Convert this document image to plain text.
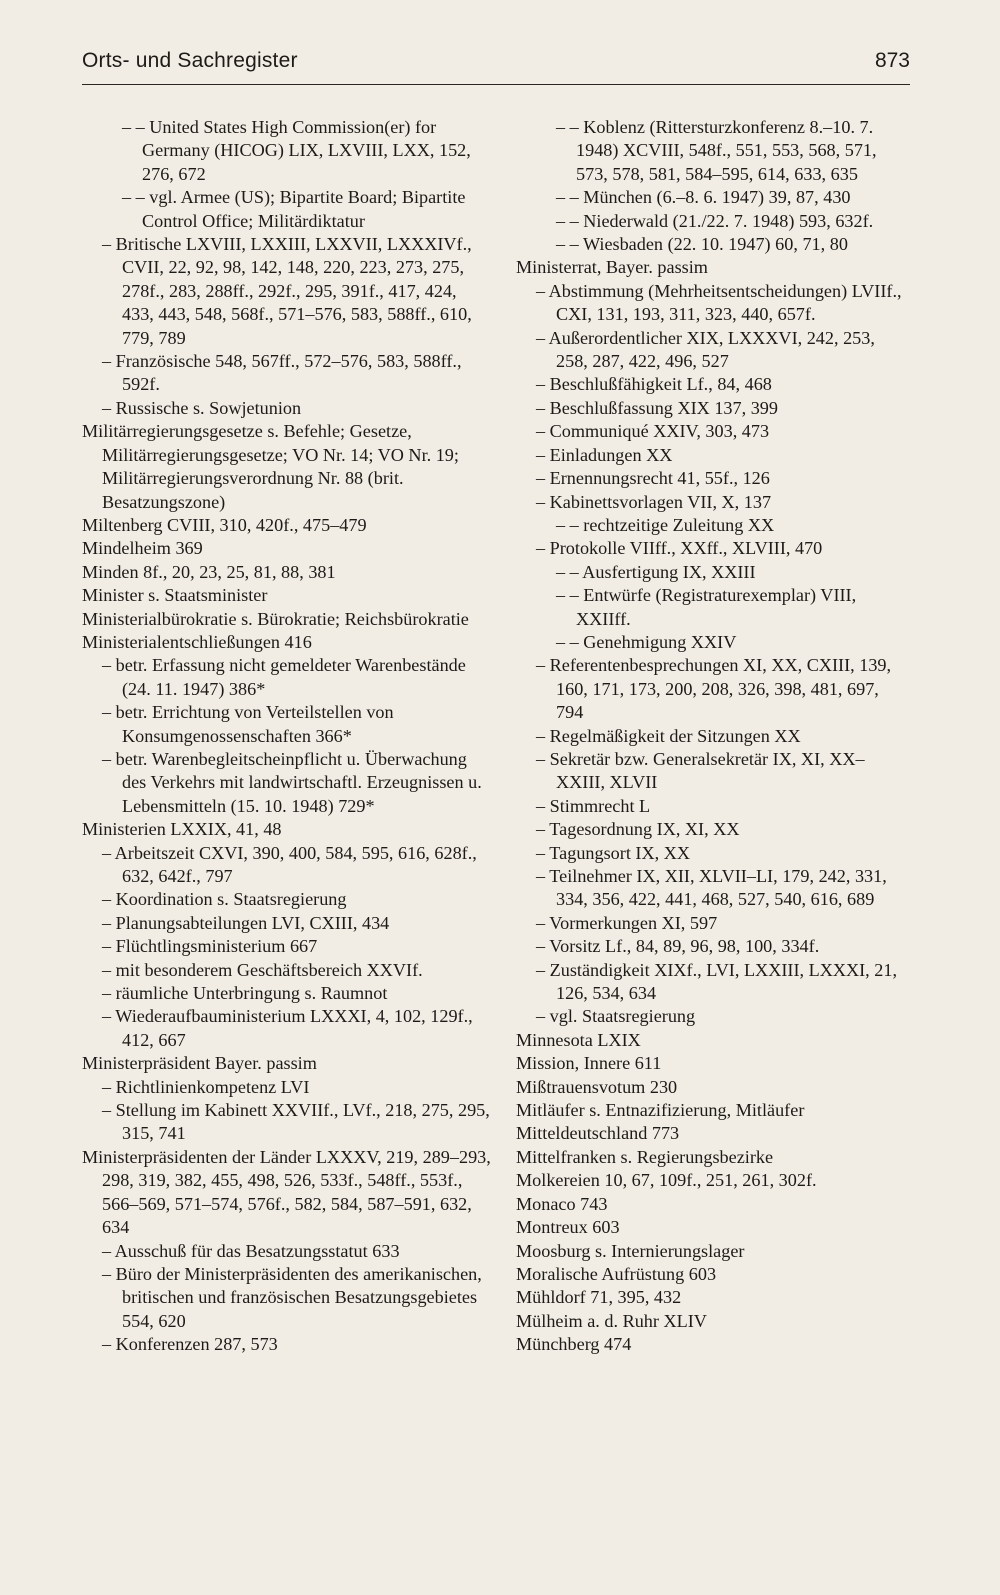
Orts- und Sachregister	873

– – United States High Commission(er) for Germany (HICOG) LIX, LXVIII, LXX, 152, 276, 672

– – vgl. Armee (US); Bipartite Board; Bipartite Control Office; Militärdiktatur

– Britische LXVIII, LXXIII, LXXVII, LXXXIVf., CVII, 22, 92, 98, 142, 148, 220, 223, 273, 275, 278f., 283, 288ff., 292f., 295, 391f., 417, 424, 433, 443, 548, 568f., 571–576, 583, 588ff., 610, 779, 789

– Französische 548, 567ff., 572–576, 583, 588ff., 592f.

– Russische s. Sowjetunion

Militärregierungsgesetze s. Befehle; Gesetze, Militärregierungsgesetze; VO Nr. 14; VO Nr. 19; Militärregierungsverordnung Nr. 88 (brit. Besatzungszone)

Miltenberg CVIII, 310, 420f., 475–479

Mindelheim 369

Minden 8f., 20, 23, 25, 81, 88, 381

Minister s. Staatsminister

Ministerialbürokratie s. Bürokratie; Reichsbürokratie

Ministerialentschließungen 416

– betr. Erfassung nicht gemeldeter Warenbestände (24. 11. 1947) 386*

– betr. Errichtung von Verteilstellen von Konsumgenossenschaften 366*

– betr. Warenbegleitscheinpflicht u. Überwachung des Verkehrs mit landwirtschaftl. Erzeugnissen u. Lebensmitteln (15. 10. 1948) 729*

Ministerien LXXIX, 41, 48

– Arbeitszeit CXVI, 390, 400, 584, 595, 616, 628f., 632, 642f., 797

– Koordination s. Staatsregierung

– Planungsabteilungen LVI, CXIII, 434

– Flüchtlingsministerium 667

– mit besonderem Geschäftsbereich XXVIf.

– räumliche Unterbringung s. Raumnot

– Wiederaufbauministerium LXXXI, 4, 102, 129f., 412, 667

Ministerpräsident Bayer. passim

– Richtlinienkompetenz LVI

– Stellung im Kabinett XXVIIf., LVf., 218, 275, 295, 315, 741

Ministerpräsidenten der Länder LXXXV, 219, 289–293, 298, 319, 382, 455, 498, 526, 533f., 548ff., 553f., 566–569, 571–574, 576f., 582, 584, 587–591, 632, 634

– Ausschuß für das Besatzungsstatut 633

– Büro der Ministerpräsidenten des amerikanischen, britischen und französischen Besatzungsgebietes 554, 620

– Konferenzen 287, 573

– – Koblenz (Rittersturzkonferenz 8.–10. 7. 1948) XCVIII, 548f., 551, 553, 568, 571, 573, 578, 581, 584–595, 614, 633, 635

– – München (6.–8. 6. 1947) 39, 87, 430

– – Niederwald (21./22. 7. 1948) 593, 632f.

– – Wiesbaden (22. 10. 1947) 60, 71, 80

Ministerrat, Bayer. passim

– Abstimmung (Mehrheitsentscheidungen) LVIIf., CXI, 131, 193, 311, 323, 440, 657f.

– Außerordentlicher XIX, LXXXVI, 242, 253, 258, 287, 422, 496, 527

– Beschlußfähigkeit Lf., 84, 468

– Beschlußfassung XIX 137, 399

– Communiqué XXIV, 303, 473

– Einladungen XX

– Ernennungsrecht 41, 55f., 126

– Kabinettsvorlagen VII, X, 137

– – rechtzeitige Zuleitung XX

– Protokolle VIIff., XXff., XLVIII, 470

– – Ausfertigung IX, XXIII

– – Entwürfe (Registraturexemplar) VIII, XXIIff.

– – Genehmigung XXIV

– Referentenbesprechungen XI, XX, CXIII, 139, 160, 171, 173, 200, 208, 326, 398, 481, 697, 794

– Regelmäßigkeit der Sitzungen XX

– Sekretär bzw. Generalsekretär IX, XI, XX–XXIII, XLVII

– Stimmrecht L

– Tagesordnung IX, XI, XX

– Tagungsort IX, XX

– Teilnehmer IX, XII, XLVII–LI, 179, 242, 331, 334, 356, 422, 441, 468, 527, 540, 616, 689

– Vormerkungen XI, 597

– Vorsitz Lf., 84, 89, 96, 98, 100, 334f.

– Zuständigkeit XIXf., LVI, LXXIII, LXXXI, 21, 126, 534, 634

– vgl. Staatsregierung

Minnesota LXIX

Mission, Innere 611

Mißtrauensvotum 230

Mitläufer s. Entnazifizierung, Mitläufer

Mitteldeutschland 773

Mittelfranken s. Regierungsbezirke

Molkereien 10, 67, 109f., 251, 261, 302f.

Monaco 743

Montreux 603

Moosburg s. Internierungslager

Moralische Aufrüstung 603

Mühldorf 71, 395, 432

Mülheim a. d. Ruhr XLIV

Münchberg 474
